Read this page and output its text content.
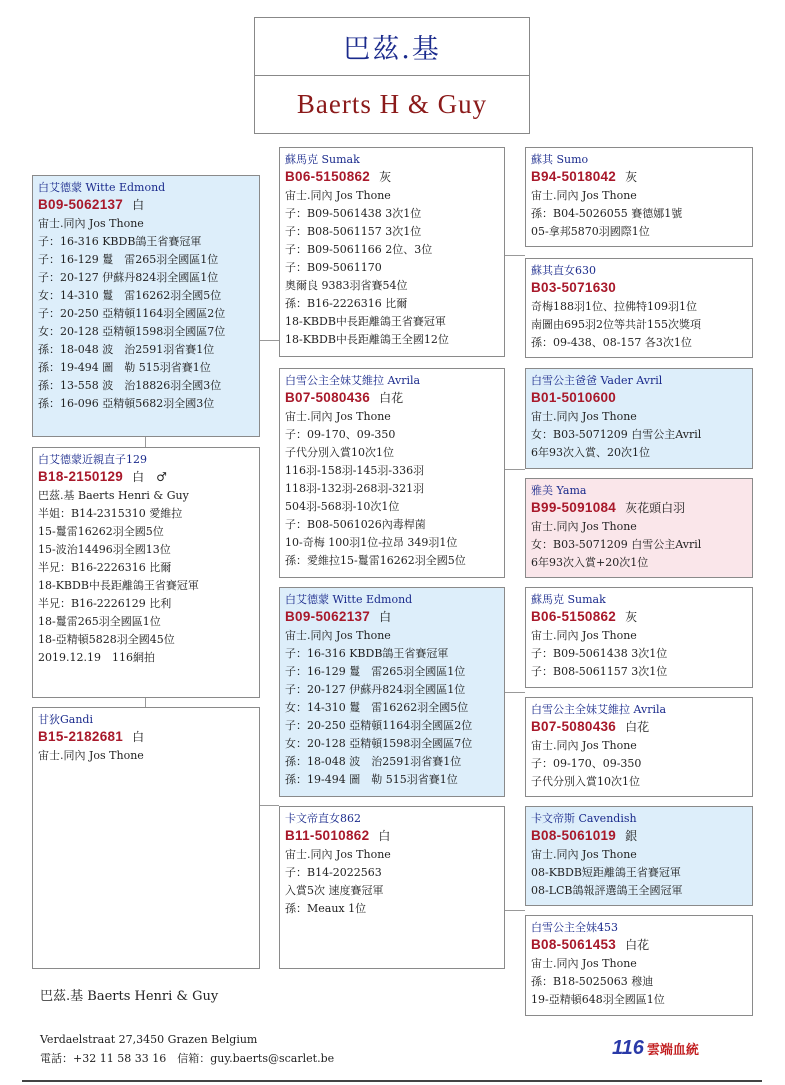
巴茲.基
Baerts H & Guy
白艾德蒙 Witte Edmond
B09-5062137 白
宙士.同內 Jos Thone
子：16-316 KBDB鴿王省賽冠軍
子：16-129 鬘　雷265羽全國區1位
子：20-127 伊蘇丹824羽全國區1位
女：14-310 鬘　雷16262羽全國5位
子：20-250 亞精頓1164羽全國區2位
女：20-128 亞精頓1598羽全國區7位
孫：18-048 波　治2591羽省賽1位
孫：19-494 圖　勒 515羽省賽1位
孫：13-558 波　治18826羽全國3位
孫：16-096 亞精頓5682羽全國3位
白艾德蒙近親直子129
B18-2150129 白　♂
巴茲.基 Baerts Henri & Guy
半姐：B14-2315310 愛維拉
15-鬘雷16262羽全國5位
15-波治14496羽全國13位
半兄：B16-2226316 比爾
18-KBDB中長距離鴿王省賽冠軍
半兄：B16-2226129 比利
18-鬘雷265羽全國區1位
18-亞精頓5828羽全國45位
2019.12.19　116網拍
甘狄Gandi
B15-2182681 白
宙士.同內 Jos Thone
蘇馬克 Sumak
B06-5150862 灰
宙士.同內 Jos Thone
子：B09-5061438 3次1位
子：B08-5061157 3次1位
子：B09-5061166 2位、3位
子：B09-5061170
奧爾良 9383羽省賽54位
孫：B16-2226316 比爾
18-KBDB中長距離鴿王省賽冠軍
18-KBDB中長距離鴿王全國12位
白雪公主全妹艾維拉 Avrila
B07-5080436 白花
宙士.同內 Jos Thone
子：09-170、09-350
子代分別入賞10次1位
116羽-158羽-145羽-336羽
118羽-132羽-268羽-321羽
504羽-568羽-10次1位
子：B08-5061026內毒桿菌
10-奇梅 100羽1位-拉昂 349羽1位
孫：愛維拉15-鬘雷16262羽全國5位
白艾德蒙 Witte Edmond
B09-5062137 白
宙士.同內 Jos Thone
子：16-316 KBDB鴿王省賽冠軍
子：16-129 鬘　雷265羽全國區1位
子：20-127 伊蘇丹824羽全國區1位
女：14-310 鬘　雷16262羽全國5位
子：20-250 亞精頓1164羽全國區2位
女：20-128 亞精頓1598羽全國區7位
孫：18-048 波　治2591羽省賽1位
孫：19-494 圖　勒 515羽省賽1位
卡文帝直女862
B11-5010862 白
宙士.同內 Jos Thone
子：B14-2022563
入賞5次 速度賽冠軍
孫：Meaux 1位
蘇其 Sumo
B94-5018042 灰
宙士.同內 Jos Thone
孫：B04-5026055 賽德娜1號
05-拿邦5870羽國際1位
蘇其直女630
B03-5071630
奇梅188羽1位、拉佛特109羽1位
南圖由695羽2位等共計155次獎項
孫：09-438、08-157 各3次1位
白雪公主爸爸 Vader Avril
B01-5010600
宙士.同內 Jos Thone
女：B03-5071209 白雪公主Avril
6年93次入賞、20次1位
雅美 Yama
B99-5091084 灰花頭白羽
宙士.同內 Jos Thone
女：B03-5071209 白雪公主Avril
6年93次入賞+20次1位
蘇馬克 Sumak
B06-5150862 灰
宙士.同內 Jos Thone
子：B09-5061438 3次1位
子：B08-5061157 3次1位
白雪公主全妹艾維拉 Avrila
B07-5080436 白花
宙士.同內 Jos Thone
子：09-170、09-350
子代分別入賞10次1位
卡文帝斯 Cavendish
B08-5061019 銀
宙士.同內 Jos Thone
08-KBDB短距離鴿王省賽冠軍
08-LCB鴿報評選鴿王全國冠軍
白雪公主全妹453
B08-5061453 白花
宙士.同內 Jos Thone
孫：B18-5025063 穆迪
19-亞精頓648羽全國區1位
巴茲.基 Baerts Henri & Guy
Verdaelstraat 27,3450 Grazen Belgium
電話：+32 11 58 33 16　信箱：guy.baerts@scarlet.be	116 雲端血統
